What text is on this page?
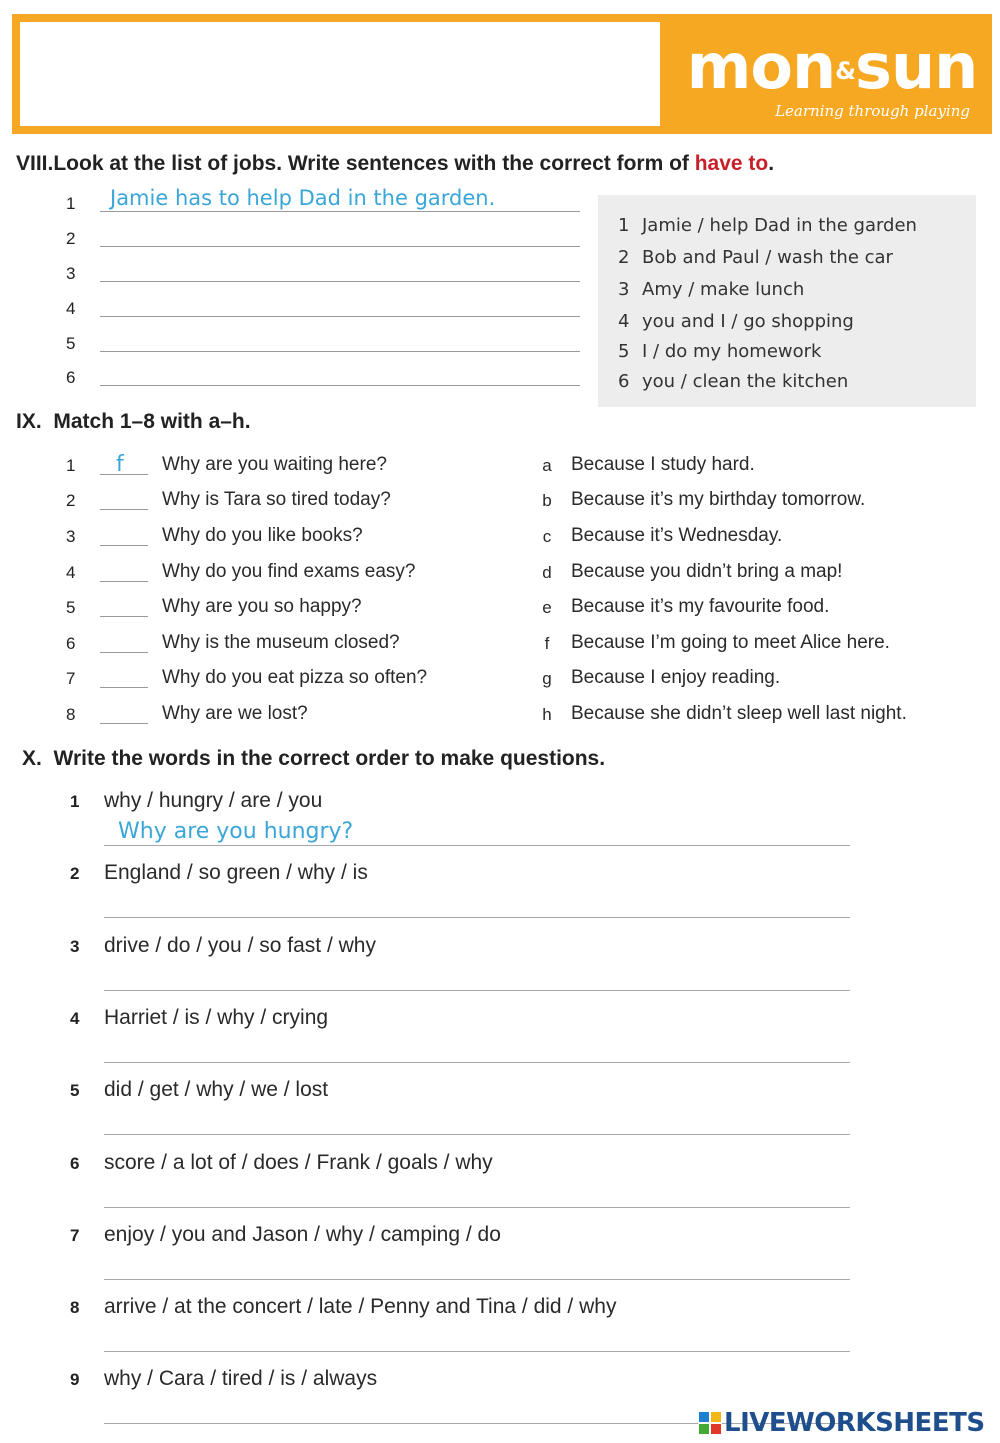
mon&sun
Learning through playing
VIII.Look at the list of jobs. Write sentences with the correct form of have to.
1 Jamie has to help Dad in the garden.
2
3
4
5
6
1 Jamie / help Dad in the garden
2 Bob and Paul / wash the car
3 Amy / make lunch
4 you and I / go shopping
5 I / do my homework
6 you / clean the kitchen
IX. Match 1–8 with a–h.
1 f Why are you waiting here?
2	Why is Tara so tired today?
3	Why do you like books?
4	Why do you find exams easy?
5	Why are you so happy?
6	Why is the museum closed?
7	Why do you eat pizza so often?
8	Why are we lost?
a Because I study hard.
b Because it’s my birthday tomorrow.
c Because it’s Wednesday.
d Because you didn’t bring a map!
e Because it’s my favourite food.
f	Because I’m going to meet Alice here.
g Because I enjoy reading.
h Because she didn’t sleep well last night.
X. Write the words in the correct order to make questions.
1 why / hungry / are / you
Why are you hungry?
2 England / so green / why / is
3 drive / do / you / so fast / why
4 Harriet / is / why / crying
5 did / get / why / we / lost
6 score / a lot of / does / Frank / goals / why
7 enjoy / you and Jason / why / camping / do
8 arrive / at the concert / late / Penny and Tina / did / why
9 why / Cara / tired / is / always
LIVEWORKSHEETS
